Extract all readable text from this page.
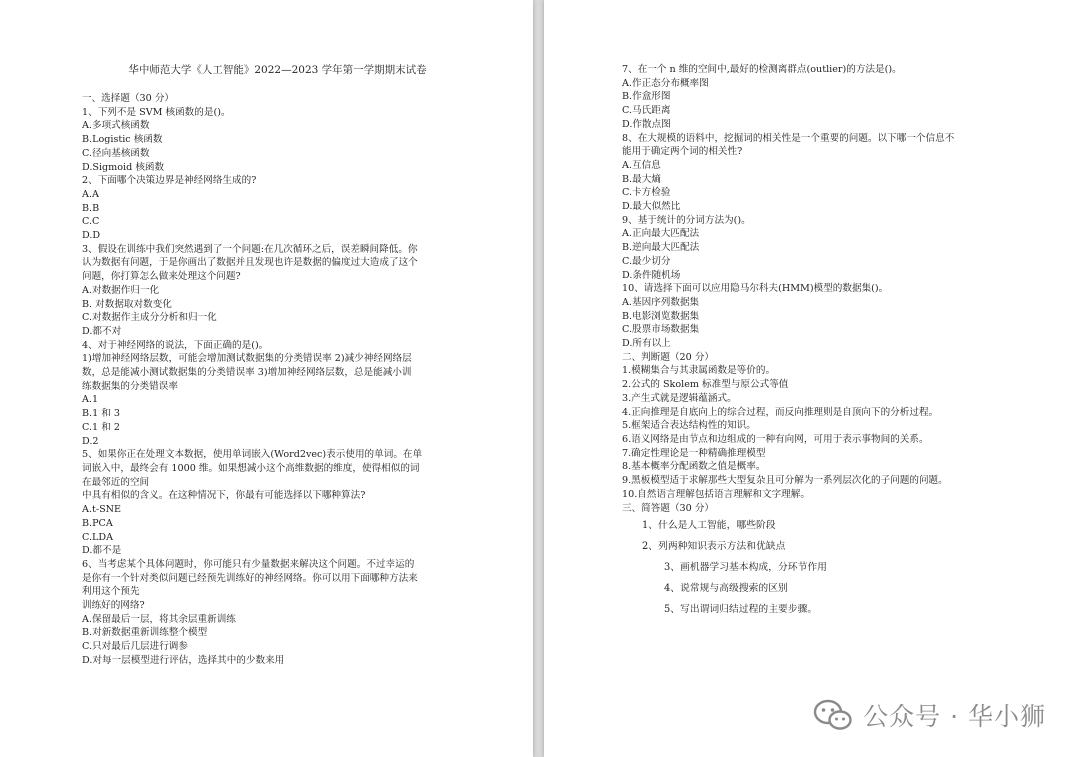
华中师范大学《人工智能》2022—2023 学年第一学期期末试卷
一、选择题（30 分）
1、下列不是 SVM 核函数的是()。
A.多项式核函数
B.Logistic 核函数
C.径向基核函数
D.Sigmoid 核函数
2、下面哪个决策边界是神经网络生成的?
A.A
B.B
C.C
D.D
3、假设在训练中我们突然遇到了一个问题:在几次循环之后，误差瞬间降低。你
认为数据有问题，于是你画出了数据并且发现也许是数据的偏度过大造成了这个
问题，你打算怎么做来处理这个问题?
A.对数据作归一化
B. 对数据取对数变化
C.对数据作主成分分析和归一化
D.都不对
4、对于神经网络的说法，下面正确的是()。
1)增加神经网络层数，可能会增加测试数据集的分类错误率 2)减少神经网络层
数，总是能减小测试数据集的分类错误率 3)增加神经网络层数，总是能减小训
练数据集的分类错误率
A.1
B.1 和 3
C.1 和 2
D.2
5、如果你正在处理文本数据，使用单词嵌入(Word2vec)表示使用的单词。在单
词嵌入中，最终会有 1000 维。如果想减小这个高维数据的维度，使得相似的词
在最邻近的空间
中具有相似的含义。在这种情况下，你最有可能选择以下哪种算法?
A.t-SNE
B.PCA
C.LDA
D.都不是
6、当考虑某个具体问题时，你可能只有少量数据来解决这个问题。不过幸运的
是你有一个针对类似问题已经预先训练好的神经网络。你可以用下面哪种方法来
利用这个预先
训练好的网络?
A.保留最后一层，将其余层重新训练
B.对新数据重新训练整个模型
C.只对最后几层进行调参
D.对每一层模型进行评估，选择其中的少数来用
7、在一个 n 维的空间中,最好的检测离群点(outlier)的方法是()。
A.作正态分布概率图
B.作盒形图
C.马氏距离
D.作散点图
8、在大规模的语料中，挖掘词的相关性是一个重要的问题。以下哪一个信息不
能用于确定两个词的相关性?
A.互信息
B.最大熵
C.卡方检验
D.最大似然比
9、基于统计的分词方法为()。
A.正向最大匹配法
B.逆向最大匹配法
C.最少切分
D.条件随机场
10、请选择下面可以应用隐马尔科夫(HMM)模型的数据集()。
A.基因序列数据集
B.电影浏览数据集
C.股票市场数据集
D.所有以上
二、判断题（20 分）
1.模糊集合与其隶属函数是等价的。
2.公式的 Skolem 标准型与原公式等值
3.产生式就是逻辑蕴涵式。
4.正向推理是自底向上的综合过程，而反向推理则是自顶向下的分析过程。
5.框架适合表达结构性的知识。
6.语义网络是由节点和边组成的一种有向网，可用于表示事物间的关系。
7.确定性理论是一种精确推理模型
8.基本概率分配函数之值是概率。
9.黑板模型适于求解那些大型复杂且可分解为一系列层次化的子问题的问题。
10.自然语言理解包括语言理解和文字理解。
三、简答题（30 分）
1、什么是人工智能，哪些阶段
2、列两种知识表示方法和优缺点
3、画机器学习基本构成，分环节作用
4、说常规与高级搜索的区别
5、写出谓词归结过程的主要步骤。
公众号 · 华小狮
